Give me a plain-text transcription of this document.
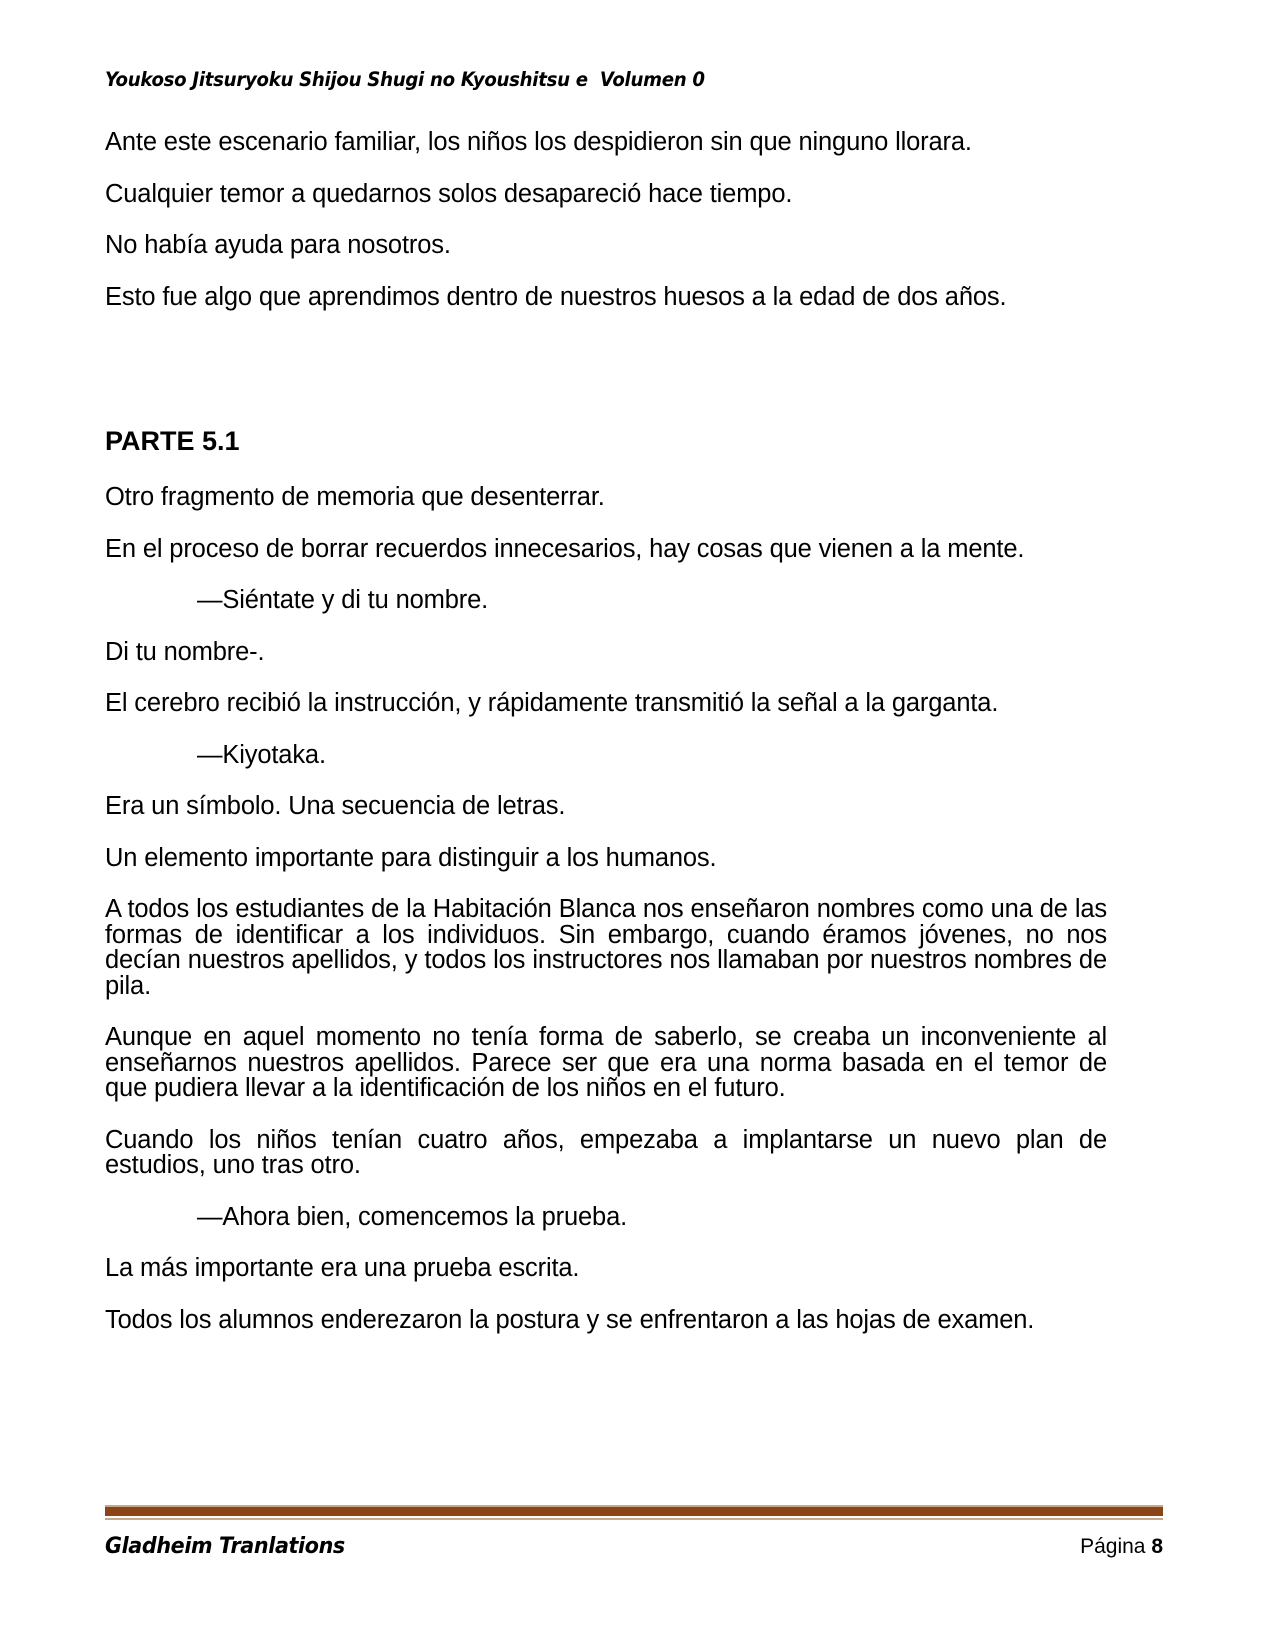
Youkoso Jitsuryoku Shijou Shugi no Kyoushitsu e  Volumen 0

Ante este escenario familiar, los niños los despidieron sin que ninguno llorara.

Cualquier temor a quedarnos solos desapareció hace tiempo.

No había ayuda para nosotros.

Esto fue algo que aprendimos dentro de nuestros huesos a la edad de dos años.

PARTE 5.1

Otro fragmento de memoria que desenterrar.

En el proceso de borrar recuerdos innecesarios, hay cosas que vienen a la mente.

—Siéntate y di tu nombre.

Di tu nombre-.

El cerebro recibió la instrucción, y rápidamente transmitió la señal a la garganta.

—Kiyotaka.

Era un símbolo. Una secuencia de letras.

Un elemento importante para distinguir a los humanos.

A todos los estudiantes de la Habitación Blanca nos enseñaron nombres como una de las formas de identificar a los individuos. Sin embargo, cuando éramos jóvenes, no nos decían nuestros apellidos, y todos los instructores nos llamaban por nuestros nombres de pila.

Aunque en aquel momento no tenía forma de saberlo, se creaba un inconveniente al enseñarnos nuestros apellidos. Parece ser que era una norma basada en el temor de que pudiera llevar a la identificación de los niños en el futuro.

Cuando los niños tenían cuatro años, empezaba a implantarse un nuevo plan de estudios, uno tras otro.

—Ahora bien, comencemos la prueba.

La más importante era una prueba escrita.

Todos los alumnos enderezaron la postura y se enfrentaron a las hojas de examen.

Gladheim Tranlations	Página 8
